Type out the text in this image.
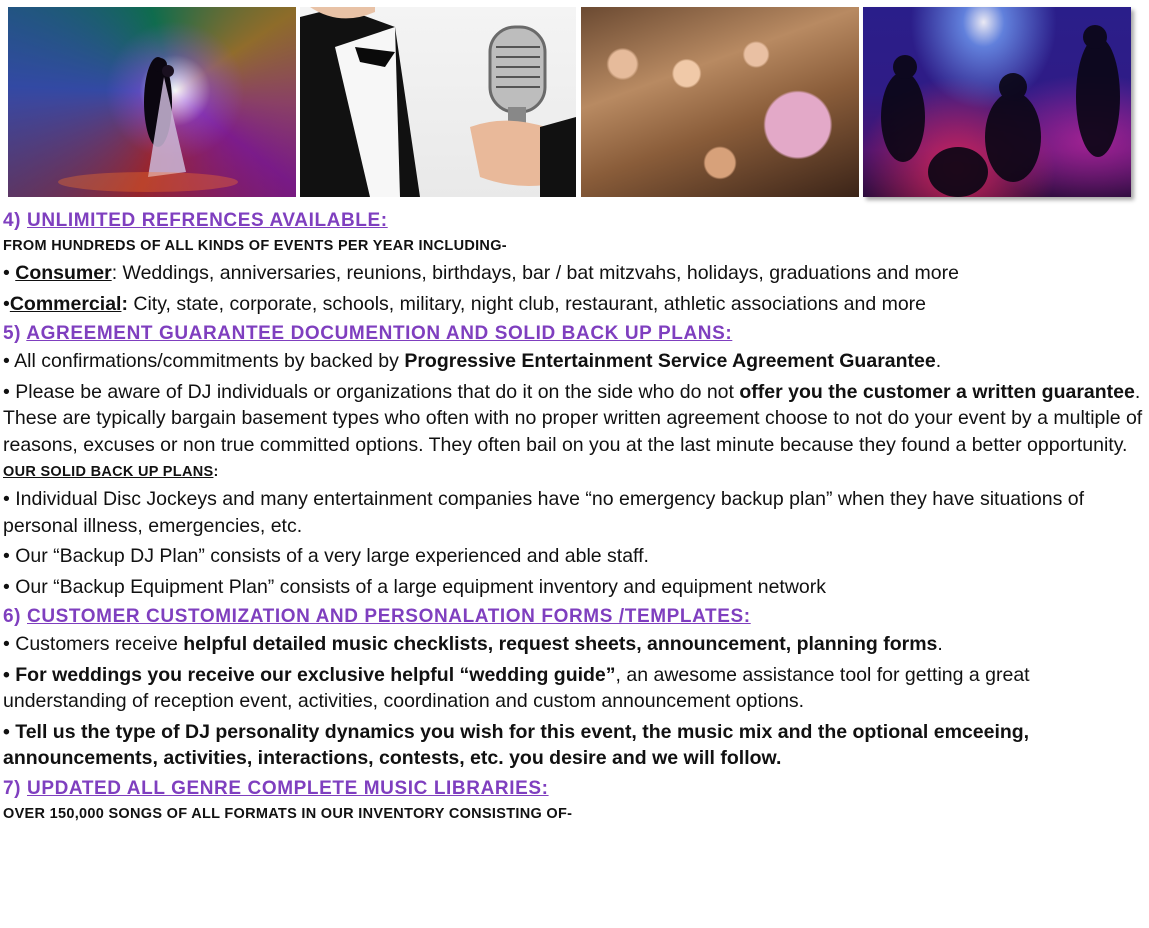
4) UNLIMITED REFRENCES AVAILABLE:
FROM HUNDREDS OF ALL KINDS OF EVENTS PER YEAR INCLUDING-
• Consumer: Weddings, anniversaries, reunions, birthdays, bar / bat mitzvahs, holidays, graduations and more
•Commercial: City, state, corporate, schools, military, night club, restaurant, athletic associations and more
5) AGREEMENT GUARANTEE DOCUMENTION AND SOLID BACK UP PLANS:
• All confirmations/commitments by backed by Progressive Entertainment Service Agreement Guarantee.
• Please be aware of DJ individuals or organizations that do it on the side who do not offer you the customer a written guarantee. These are typically bargain basement types who often with no proper written agreement choose to not do your event by a multiple of reasons, excuses or non true committed options. They often bail on you at the last minute because they found a better opportunity.
OUR SOLID BACK UP PLANS:
• Individual Disc Jockeys and many entertainment companies have “no emergency backup plan” when they have situations of personal illness, emergencies, etc.
• Our “Backup DJ Plan” consists of a very large experienced and able staff.
• Our “Backup Equipment Plan” consists of a large equipment inventory and equipment network
6) CUSTOMER CUSTOMIZATION AND PERSONALATION FORMS /TEMPLATES:
• Customers receive helpful detailed music checklists, request sheets, announcement, planning forms.
• For weddings you receive our exclusive helpful “wedding guide”, an awesome assistance tool for getting a great understanding of reception event, activities, coordination and custom announcement options.
• Tell us the type of DJ personality dynamics you wish for this event, the music mix and the optional emceeing, announcements, activities, interactions, contests, etc. you desire and we will follow.
7) UPDATED ALL GENRE COMPLETE MUSIC LIBRARIES:
OVER 150,000 SONGS OF ALL FORMATS IN OUR INVENTORY CONSISTING OF-
